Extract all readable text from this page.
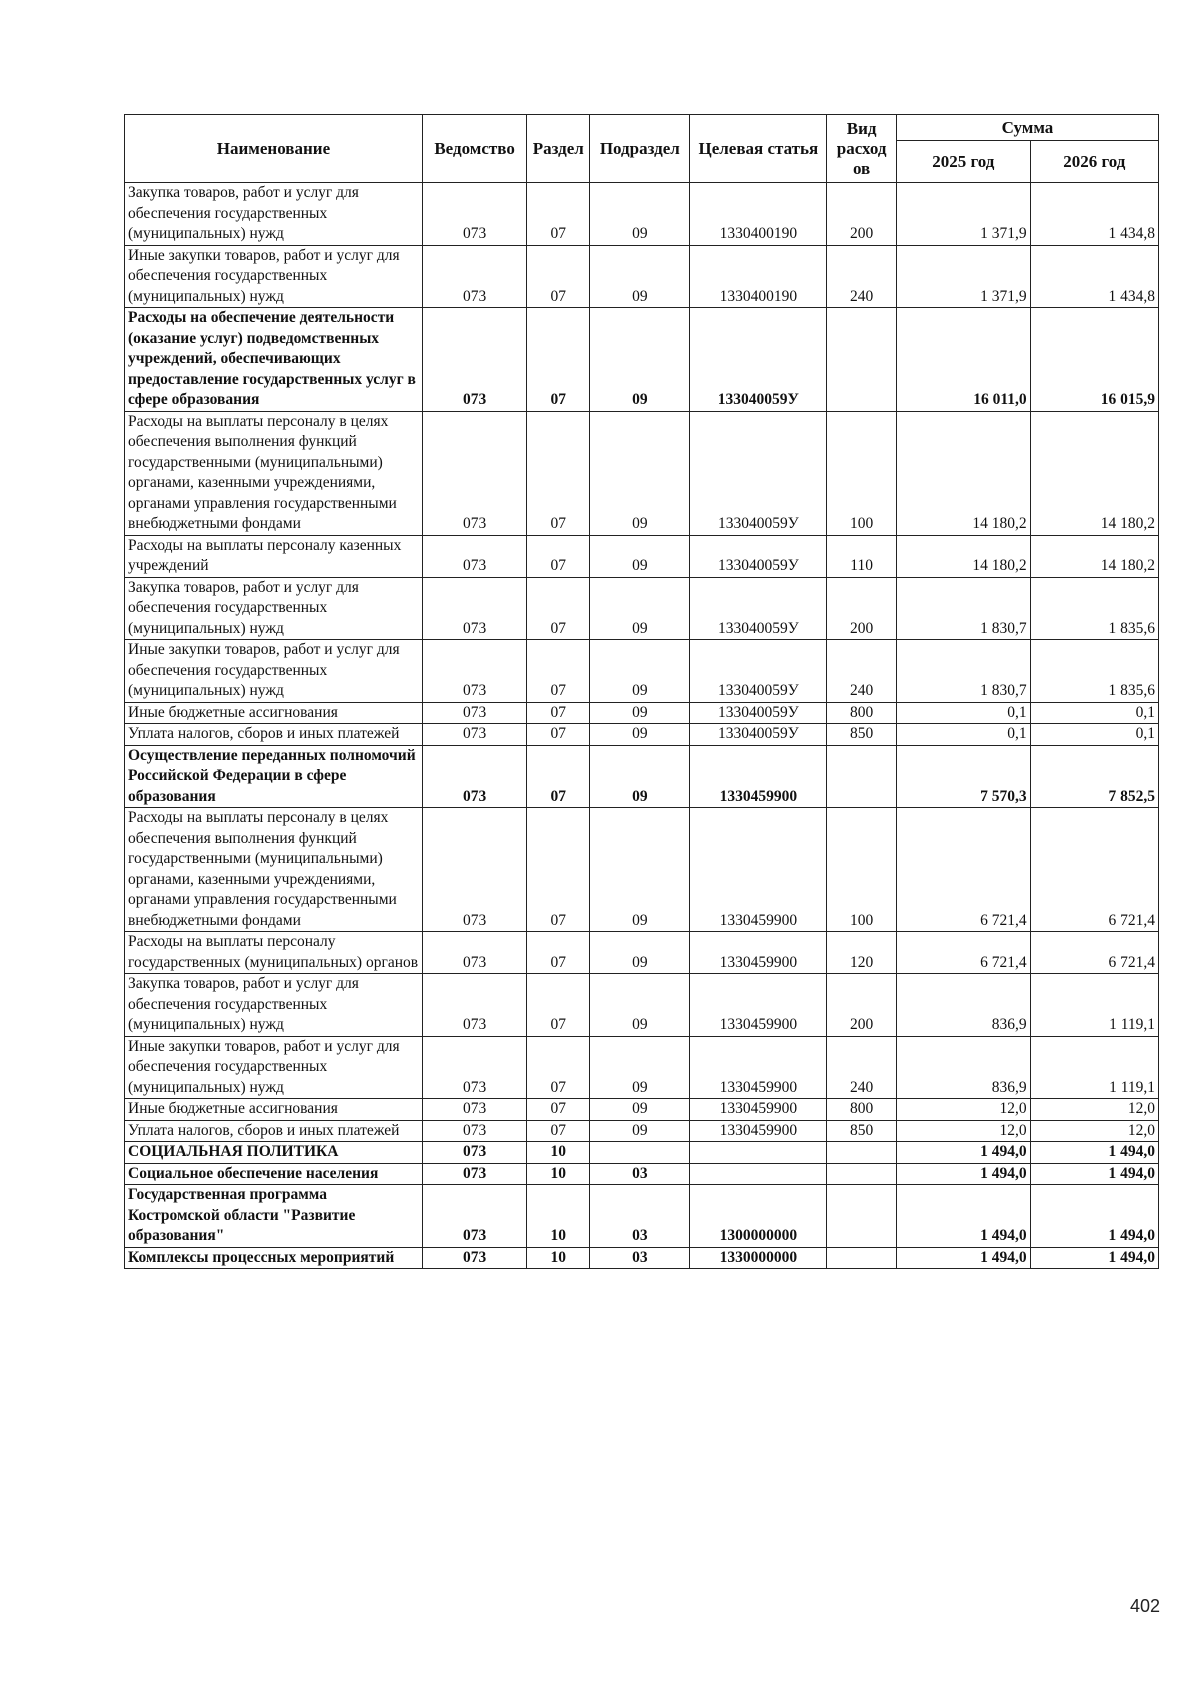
Наименование	Ведомство	Раздел	Подраздел	Целевая статья	Вид расход ов	Сумма	
						2025 год	2026 год
Закупка товаров, работ и услуг для обеспечения государственных (муниципальных) нужд	073	07	09	1330400190	200	1 371,9	1 434,8
Иные закупки товаров, работ и услуг для обеспечения государственных (муниципальных) нужд	073	07	09	1330400190	240	1 371,9	1 434,8
Расходы на обеспечение деятельности (оказание услуг) подведомственных учреждений, обеспечивающих предоставление государственных услуг в сфере образования	073	07	09	133040059У		16 011,0	16 015,9
Расходы на выплаты персоналу в целях обеспечения выполнения функций государственными (муниципальными) органами, казенными учреждениями, органами управления государственными внебюджетными фондами	073	07	09	133040059У	100	14 180,2	14 180,2
Расходы на выплаты персоналу казенных учреждений	073	07	09	133040059У	110	14 180,2	14 180,2
Закупка товаров, работ и услуг для обеспечения государственных (муниципальных) нужд	073	07	09	133040059У	200	1 830,7	1 835,6
Иные закупки товаров, работ и услуг для обеспечения государственных (муниципальных) нужд	073	07	09	133040059У	240	1 830,7	1 835,6
Иные бюджетные ассигнования	073	07	09	133040059У	800	0,1	0,1
Уплата налогов, сборов и иных платежей	073	07	09	133040059У	850	0,1	0,1
Осуществление переданных полномочий Российской Федерации в сфере образования	073	07	09	1330459900		7 570,3	7 852,5
Расходы на выплаты персоналу в целях обеспечения выполнения функций государственными (муниципальными) органами, казенными учреждениями, органами управления государственными внебюджетными фондами	073	07	09	1330459900	100	6 721,4	6 721,4
Расходы на выплаты персоналу государственных (муниципальных) органов	073	07	09	1330459900	120	6 721,4	6 721,4
Закупка товаров, работ и услуг для обеспечения государственных (муниципальных) нужд	073	07	09	1330459900	200	836,9	1 119,1
Иные закупки товаров, работ и услуг для обеспечения государственных (муниципальных) нужд	073	07	09	1330459900	240	836,9	1 119,1
Иные бюджетные ассигнования	073	07	09	1330459900	800	12,0	12,0
Уплата налогов, сборов и иных платежей	073	07	09	1330459900	850	12,0	12,0
СОЦИАЛЬНАЯ ПОЛИТИКА	073	10				1 494,0	1 494,0
Социальное обеспечение населения	073	10	03			1 494,0	1 494,0
Государственная программа Костромской области "Развитие образования"	073	10	03	1300000000		1 494,0	1 494,0
Комплексы процессных мероприятий	073	10	03	1330000000		1 494,0	1 494,0
402
